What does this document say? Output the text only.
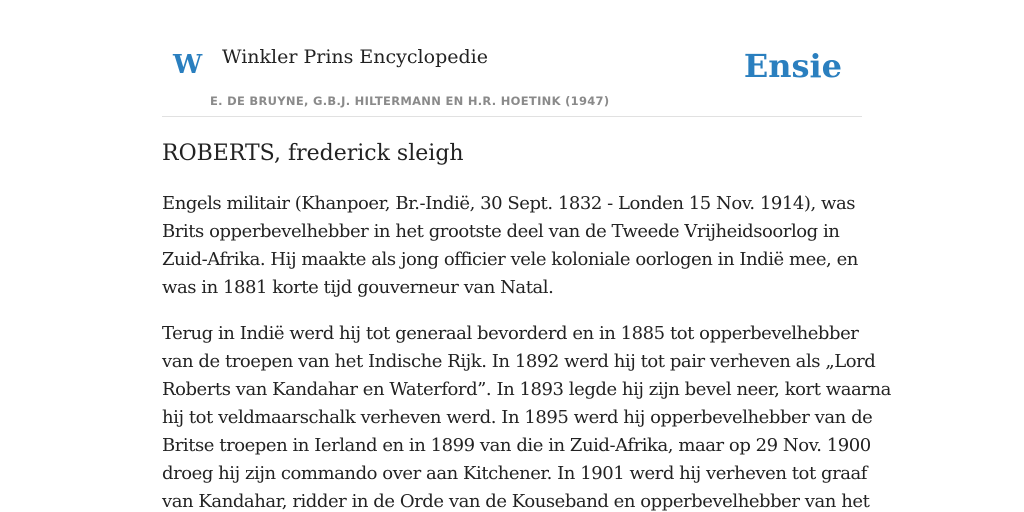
W Winkler Prins Encyclopedie
E. DE BRUYNE, G.B.J. HILTERMANN EN H.R. HOETINK (1947)
Ensie
ROBERTS, frederick sleigh

Engels militair (Khanpoer, Br.-Indië, 30 Sept. 1832 - Londen 15 Nov. 1914), was
Brits opperbevelhebber in het grootste deel van de Tweede Vrijheidsoorlog in
Zuid-Afrika. Hij maakte als jong officier vele koloniale oorlogen in Indië mee, en
was in 1881 korte tijd gouverneur van Natal.

Terug in Indië werd hij tot generaal bevorderd en in 1885 tot opperbevelhebber
van de troepen van het Indische Rijk. In 1892 werd hij tot pair verheven als „Lord
Roberts van Kandahar en Waterford”. In 1893 legde hij zijn bevel neer, kort waarna
hij tot veldmaarschalk verheven werd. In 1895 werd hij opperbevelhebber van de
Britse troepen in Ierland en in 1899 van die in Zuid-Afrika, maar op 29 Nov. 1900
droeg hij zijn commando over aan Kitchener. In 1901 werd hij verheven tot graaf
van Kandahar, ridder in de Orde van de Kouseband en opperbevelhebber van het
